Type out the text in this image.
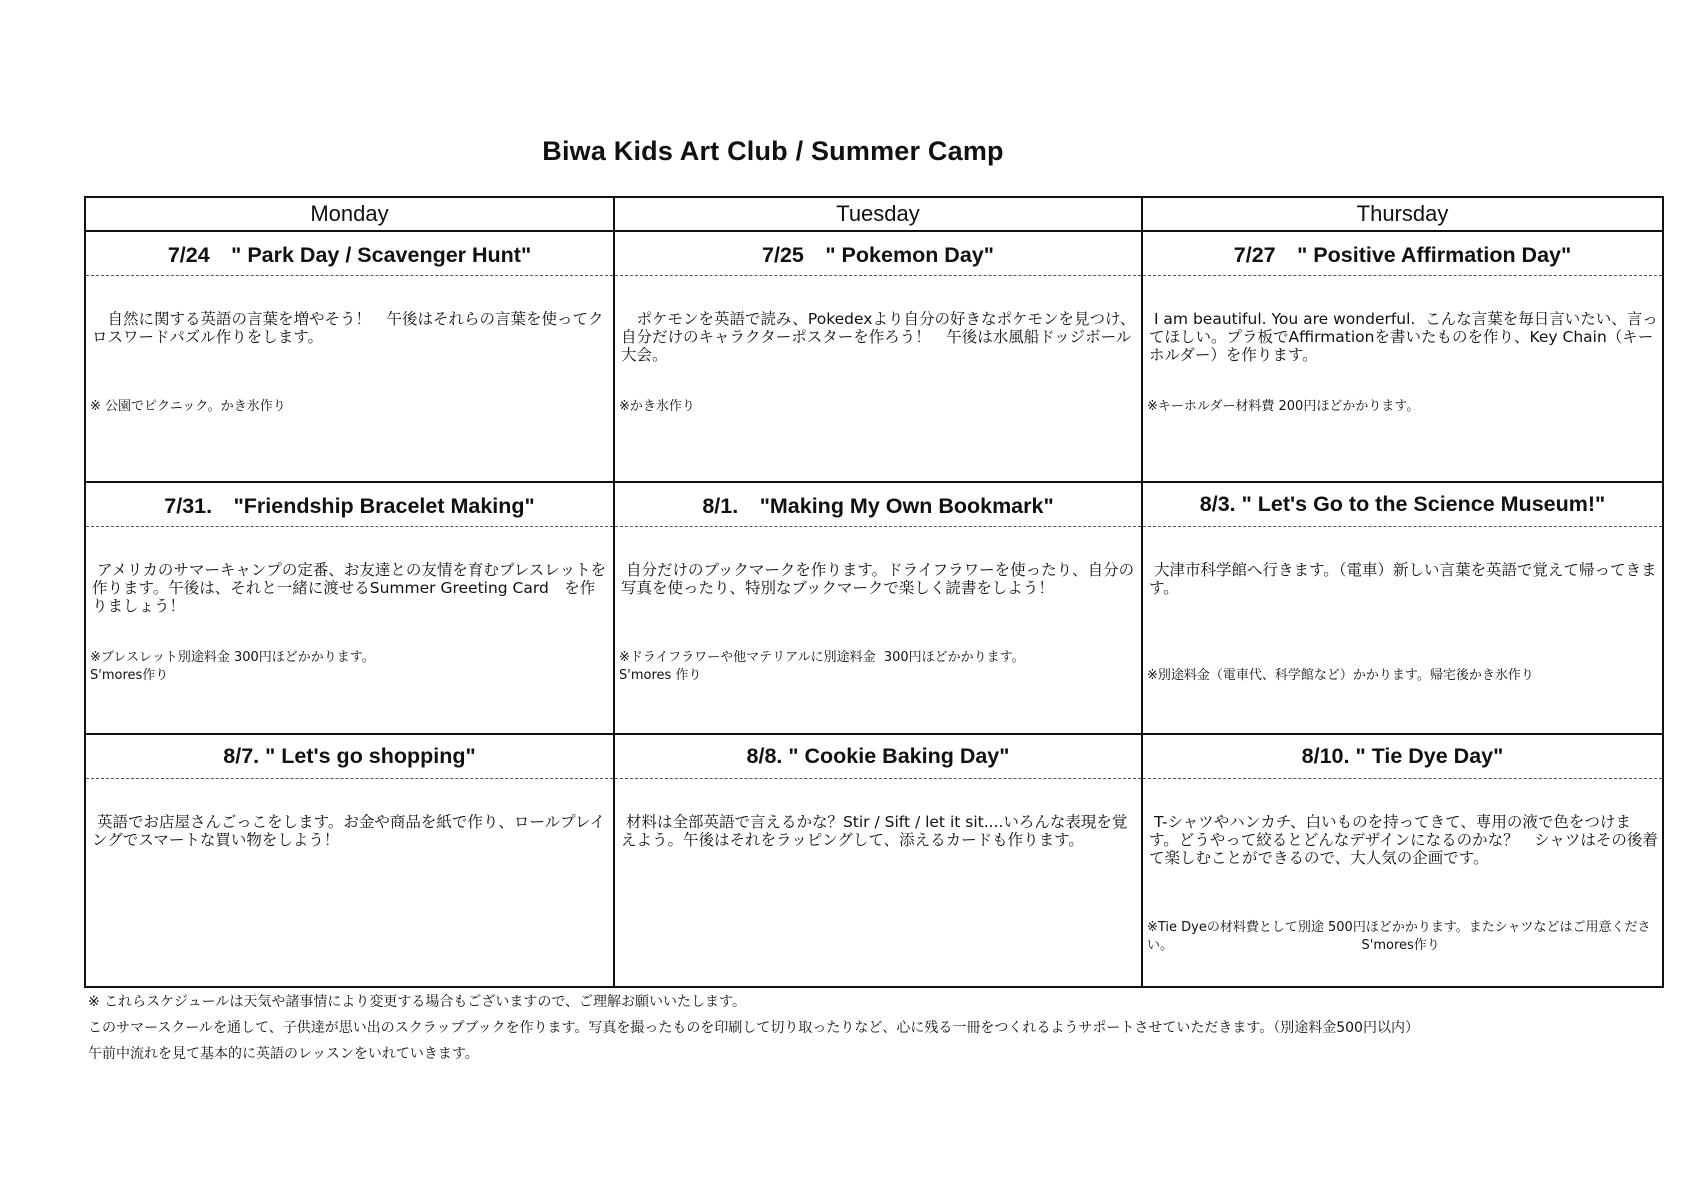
Biwa Kids Art Club / Summer Camp
Monday	Tuesday	Thursday
7/24　" Park Day / Scavenger Hunt"
　自然に関する英語の言葉を増やそう！　午後はそれらの言葉を使ってクロスワードパズル作りをします。
※ 公園でピクニック。かき氷作り
7/25　" Pokemon Day"
　ポケモンを英語で読み、Pokedexより自分の好きなポケモンを見つけ、自分だけのキャラクターポスターを作ろう！　午後は水風船ドッジボール大会。
※かき氷作り
7/27　" Positive Affirmation Day"
I am beautiful. You are wonderful.  こんな言葉を毎日言いたい、言ってほしい。プラ板でAffirmationを書いたものを作り、Key Chain（キーホルダー）を作ります。
※キーホルダー材料費 200円ほどかかります。
7/31.　"Friendship Bracelet Making"
アメリカのサマーキャンプの定番、お友達との友情を育むブレスレットを作ります。午後は、それと一緒に渡せるSummer Greeting Card　を作りましょう！
※ブレスレット別途料金 300円ほどかかります。
S'mores作り
8/1.　"Making My Own Bookmark"
自分だけのブックマークを作ります。ドライフラワーを使ったり、自分の写真を使ったり、特別なブックマークで楽しく読書をしよう！
※ドライフラワーや他マテリアルに別途料金  300円ほどかかります。
S'mores 作り
8/3. " Let's Go to the Science Museum!"
大津市科学館へ行きます。（電車）新しい言葉を英語で覚えて帰ってきます。
※別途料金（電車代、科学館など）かかります。帰宅後かき氷作り
8/7. " Let's go shopping"
英語でお店屋さんごっこをします。お金や商品を紙で作り、ロールプレイングでスマートな買い物をしよう！
8/8. " Cookie Baking Day"
材料は全部英語で言えるかな？Stir / Sift / let it sit....いろんな表現を覚えよう。午後はそれをラッピングして、添えるカードも作ります。
8/10. " Tie Dye Day"
T-シャツやハンカチ、白いものを持ってきて、専用の液で色をつけます。どうやって絞るとどんなデザインになるのかな？　シャツはその後着て楽しむことができるので、大人気の企画です。
※Tie Dyeの材料費として別途 500円ほどかかります。またシャツなどはご用意ください。　　　　　　　　　　　　　　　S'mores作り
※ これらスケジュールは天気や諸事情により変更する場合もございますので、ご理解お願いいたします。
このサマースクールを通して、子供達が思い出のスクラップブックを作ります。写真を撮ったものを印刷して切り取ったりなど、心に残る一冊をつくれるようサポートさせていただきます。（別途料金500円以内）
午前中流れを見て基本的に英語のレッスンをいれていきます。
